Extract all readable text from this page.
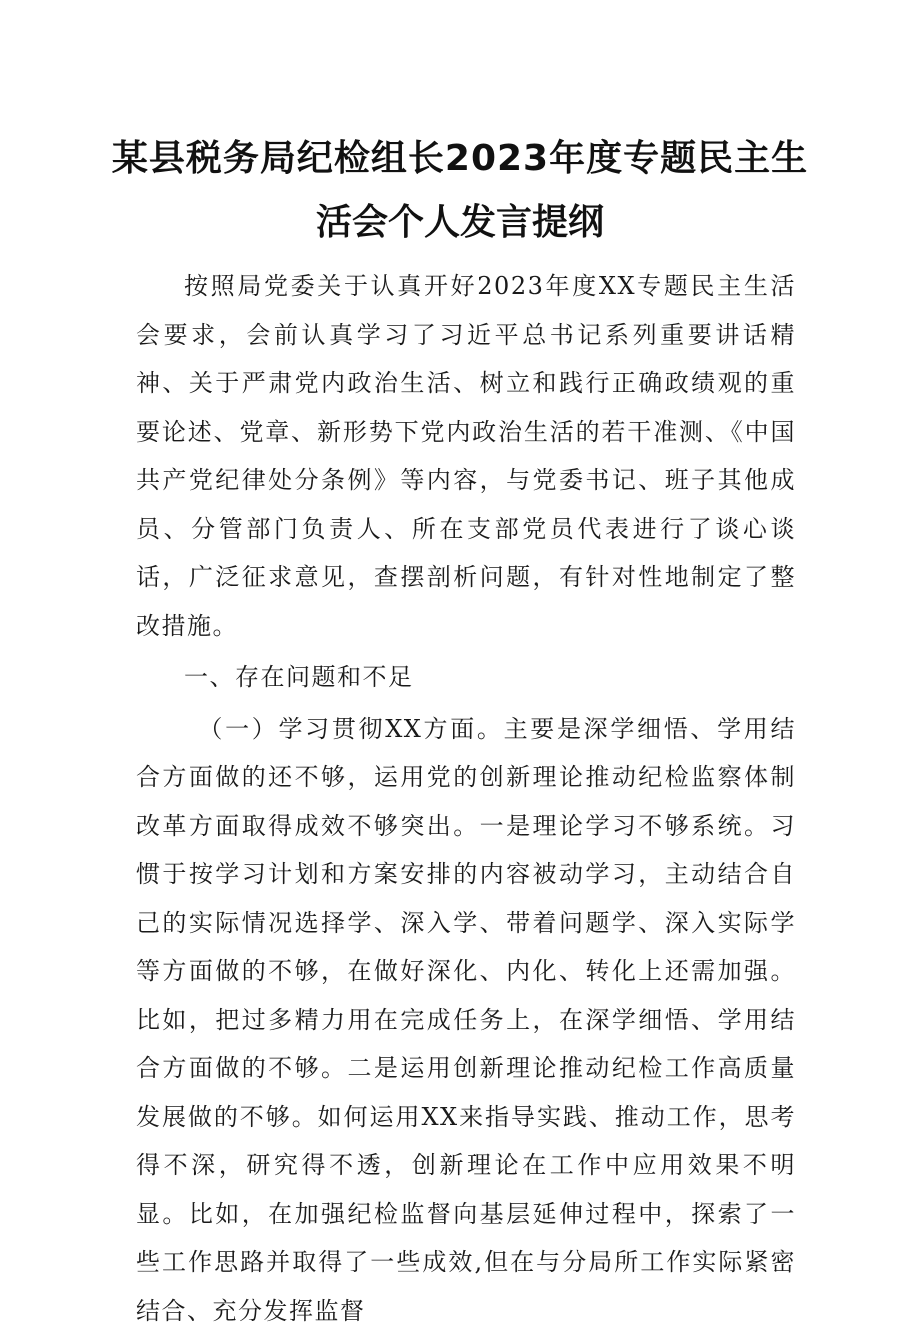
某县税务局纪检组长2023年度专题民主生
活会个人发言提纲

按照局党委关于认真开好2023年度XX专题民主生活会要求，会前认真学习了习近平总书记系列重要讲话精神、关于严肃党内政治生活、树立和践行正确政绩观的重要论述、党章、新形势下党内政治生活的若干准测、《中国共产党纪律处分条例》等内容，与党委书记、班子其他成员、分管部门负责人、所在支部党员代表进行了谈心谈话，广泛征求意见，查摆剖析问题，有针对性地制定了整改措施。

一、存在问题和不足

（一）学习贯彻XX方面。主要是深学细悟、学用结合方面做的还不够，运用党的创新理论推动纪检监察体制改革方面取得成效不够突出。一是理论学习不够系统。习惯于按学习计划和方案安排的内容被动学习，主动结合自己的实际情况选择学、深入学、带着问题学、深入实际学等方面做的不够，在做好深化、内化、转化上还需加强。比如，把过多精力用在完成任务上，在深学细悟、学用结合方面做的不够。二是运用创新理论推动纪检工作高质量发展做的不够。如何运用XX来指导实践、推动工作，思考得不深，研究得不透，创新理论在工作中应用效果不明显。比如，在加强纪检监督向基层延伸过程中，探索了一些工作思路并取得了一些成效,但在与分局所工作实际紧密结合、充分发挥监督
